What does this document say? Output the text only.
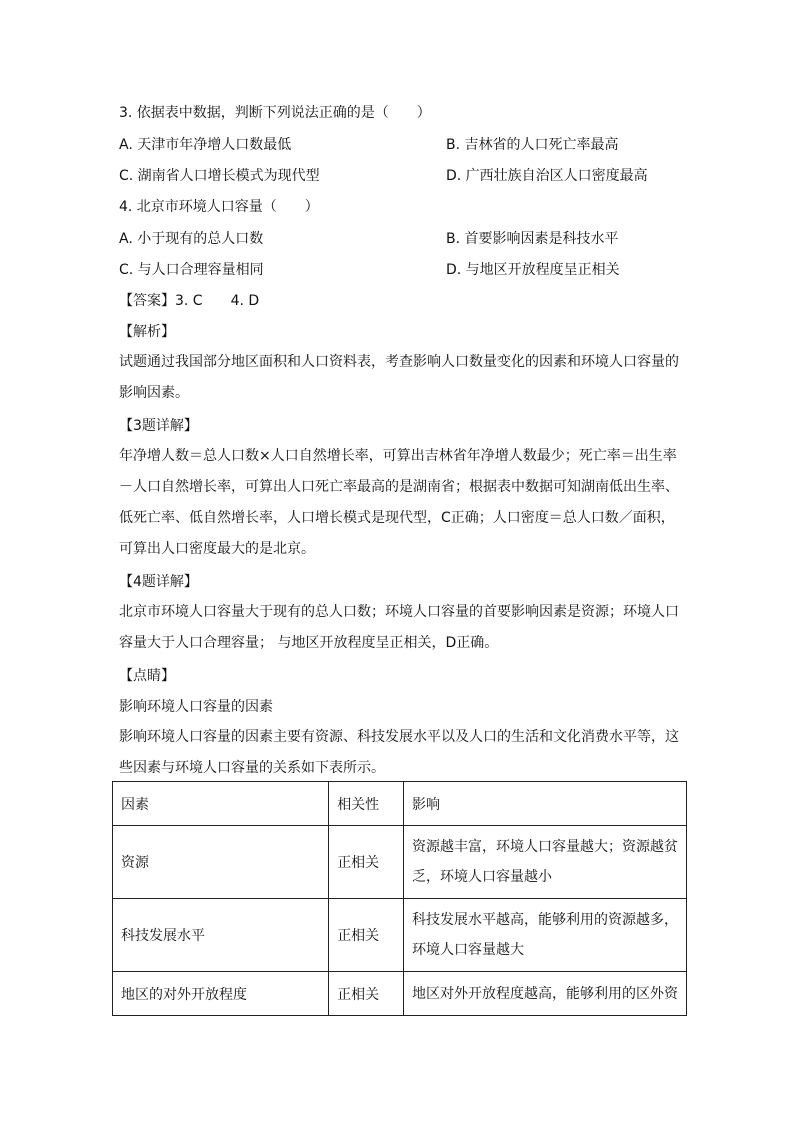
3. 依据表中数据，判断下列说法正确的是（　　）
A. 天津市年净增人口数最低	B. 吉林省的人口死亡率最高
C. 湖南省人口增长模式为现代型	D. 广西壮族自治区人口密度最高
4. 北京市环境人口容量（　　）
A. 小于现有的总人口数	B. 首要影响因素是科技水平
C. 与人口合理容量相同	D. 与地区开放程度呈正相关
【答案】3. C　　4. D
【解析】
试题通过我国部分地区面积和人口资料表，考查影响人口数量变化的因素和环境人口容量的
影响因素。
【3题详解】
年净增人数＝总人口数×人口自然增长率，可算出吉林省年净增人数最少；死亡率＝出生率
－人口自然增长率，可算出人口死亡率最高的是湖南省；根据表中数据可知湖南低出生率、
低死亡率、低自然增长率，人口增长模式是现代型，C正确；人口密度＝总人口数／面积，
可算出人口密度最大的是北京。
【4题详解】
北京市环境人口容量大于现有的总人口数；环境人口容量的首要影响因素是资源；环境人口
容量大于人口合理容量； 与地区开放程度呈正相关，D正确。
【点睛】
影响环境人口容量的因素
影响环境人口容量的因素主要有资源、科技发展水平以及人口的生活和文化消费水平等，这
些因素与环境人口容量的关系如下表所示。
因素	相关性	影响
资源	正相关	资源越丰富，环境人口容量越大；资源越贫
乏，环境人口容量越小

科技发展水平	正相关	科技发展水平越高，能够利用的资源越多，
环境人口容量越大

地区的对外开放程度	正相关	地区对外开放程度越高，能够利用的区外资
